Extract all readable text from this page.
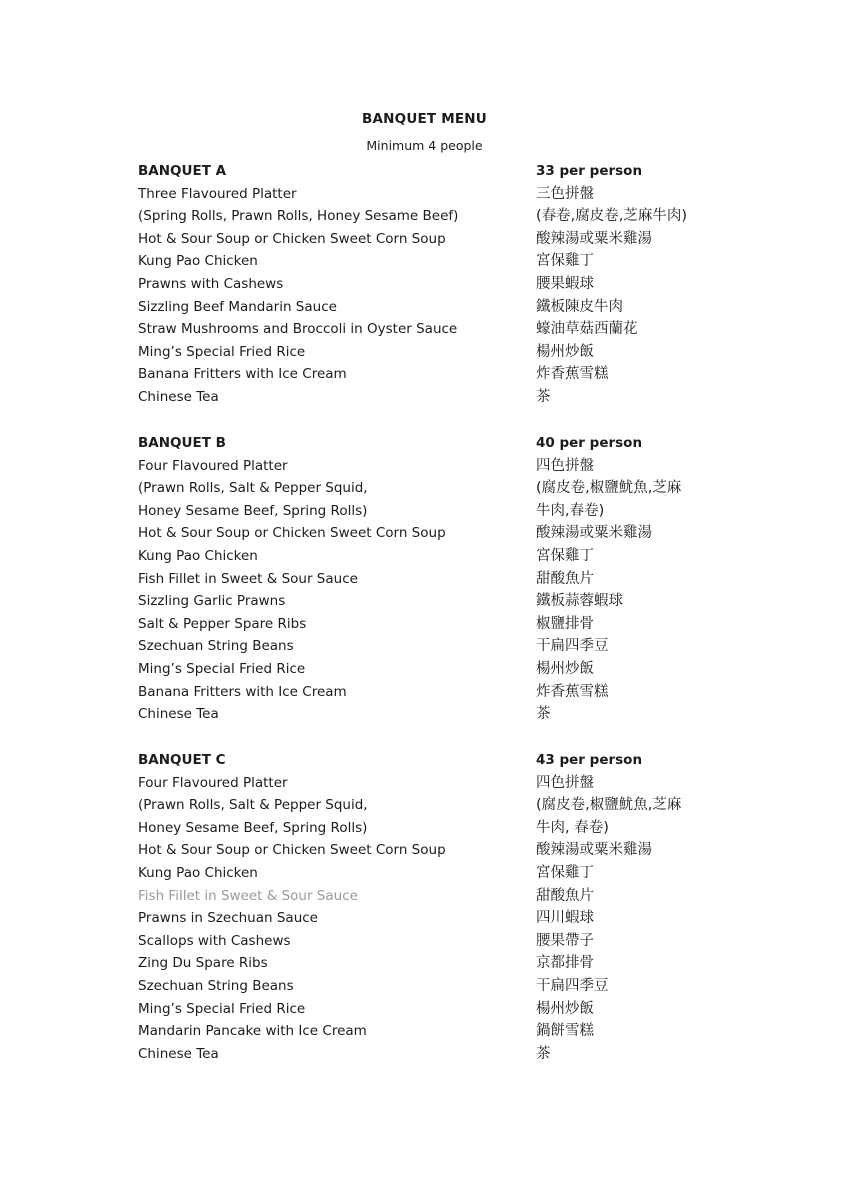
BANQUET MENU
Minimum 4 people
BANQUET A	33 per person
Three Flavoured Platter	三色拼盤
(Spring Rolls, Prawn Rolls, Honey Sesame Beef)	(春卷,腐皮卷,芝麻牛肉)
Hot & Sour Soup or Chicken Sweet Corn Soup	酸辣湯或粟米雞湯
Kung Pao Chicken	宮保雞丁
Prawns with Cashews	腰果蝦球
Sizzling Beef Mandarin Sauce	鐵板陳皮牛肉
Straw Mushrooms and Broccoli in Oyster Sauce	蠔油草菇西蘭花
Ming’s Special Fried Rice	楊州炒飯
Banana Fritters with Ice Cream	炸香蕉雪糕
Chinese Tea	茶
BANQUET B	40 per person
Four Flavoured Platter	四色拼盤
(Prawn Rolls, Salt & Pepper Squid,	(腐皮卷,椒鹽魷魚,芝麻
Honey Sesame Beef, Spring Rolls)	牛肉,春卷)
Hot & Sour Soup or Chicken Sweet Corn Soup	酸辣湯或粟米雞湯
Kung Pao Chicken	宮保雞丁
Fish Fillet in Sweet & Sour Sauce	甜酸魚片
Sizzling Garlic Prawns	鐵板蒜蓉蝦球
Salt & Pepper Spare Ribs	椒鹽排骨
Szechuan String Beans	干扁四季豆
Ming’s Special Fried Rice	楊州炒飯
Banana Fritters with Ice Cream	炸香蕉雪糕
Chinese Tea	茶
BANQUET C	43 per person
Four Flavoured Platter	四色拼盤
(Prawn Rolls, Salt & Pepper Squid,	(腐皮卷,椒鹽魷魚,芝麻
Honey Sesame Beef, Spring Rolls)	牛肉, 春卷)
Hot & Sour Soup or Chicken Sweet Corn Soup	酸辣湯或粟米雞湯
Kung Pao Chicken	宮保雞丁
Fish Fillet in Sweet & Sour Sauce	甜酸魚片
Prawns in Szechuan Sauce	四川蝦球
Scallops with Cashews	腰果帶子
Zing Du Spare Ribs	京都排骨
Szechuan String Beans	干扁四季豆
Ming’s Special Fried Rice	楊州炒飯
Mandarin Pancake with Ice Cream	鍋餅雪糕
Chinese Tea	茶
